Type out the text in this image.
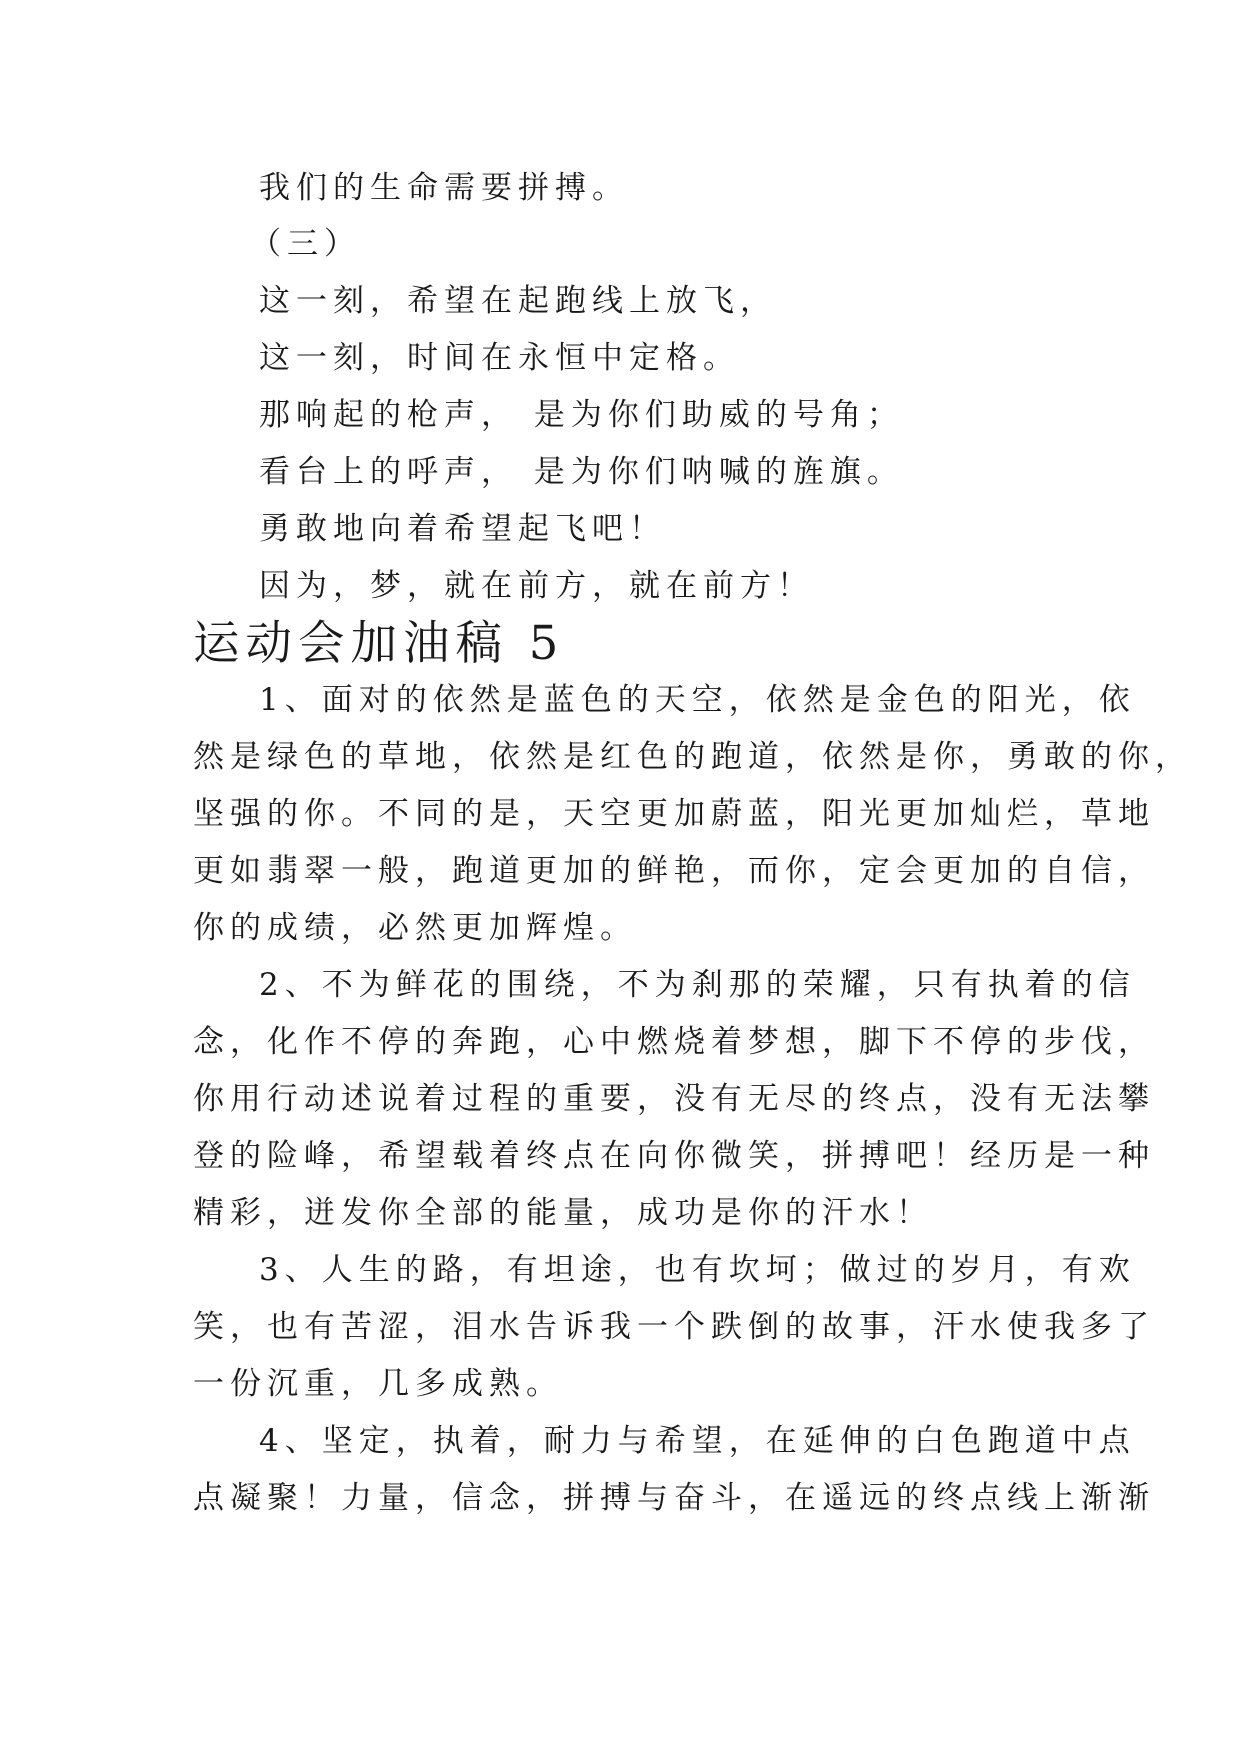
我们的生命需要拼搏。

（三）

这一刻，希望在起跑线上放飞，

这一刻，时间在永恒中定格。

那响起的枪声， 是为你们助威的号角；

看台上的呼声， 是为你们呐喊的旌旗。

勇敢地向着希望起飞吧！

因为，梦，就在前方，就在前方！

运动会加油稿 5

1、面对的依然是蓝色的天空，依然是金色的阳光，依

然是绿色的草地，依然是红色的跑道，依然是你，勇敢的你，

坚强的你。不同的是，天空更加蔚蓝，阳光更加灿烂，草地

更如翡翠一般，跑道更加的鲜艳，而你，定会更加的自信，

你的成绩，必然更加辉煌。

2、不为鲜花的围绕，不为刹那的荣耀，只有执着的信

念，化作不停的奔跑，心中燃烧着梦想，脚下不停的步伐，

你用行动述说着过程的重要，没有无尽的终点，没有无法攀

登的险峰，希望载着终点在向你微笑，拼搏吧！经历是一种

精彩，迸发你全部的能量，成功是你的汗水！

3、人生的路，有坦途，也有坎坷；做过的岁月，有欢

笑，也有苦涩，泪水告诉我一个跌倒的故事，汗水使我多了

一份沉重，几多成熟。

4、坚定，执着，耐力与希望，在延伸的白色跑道中点

点凝聚！力量，信念，拼搏与奋斗，在遥远的终点线上渐渐
